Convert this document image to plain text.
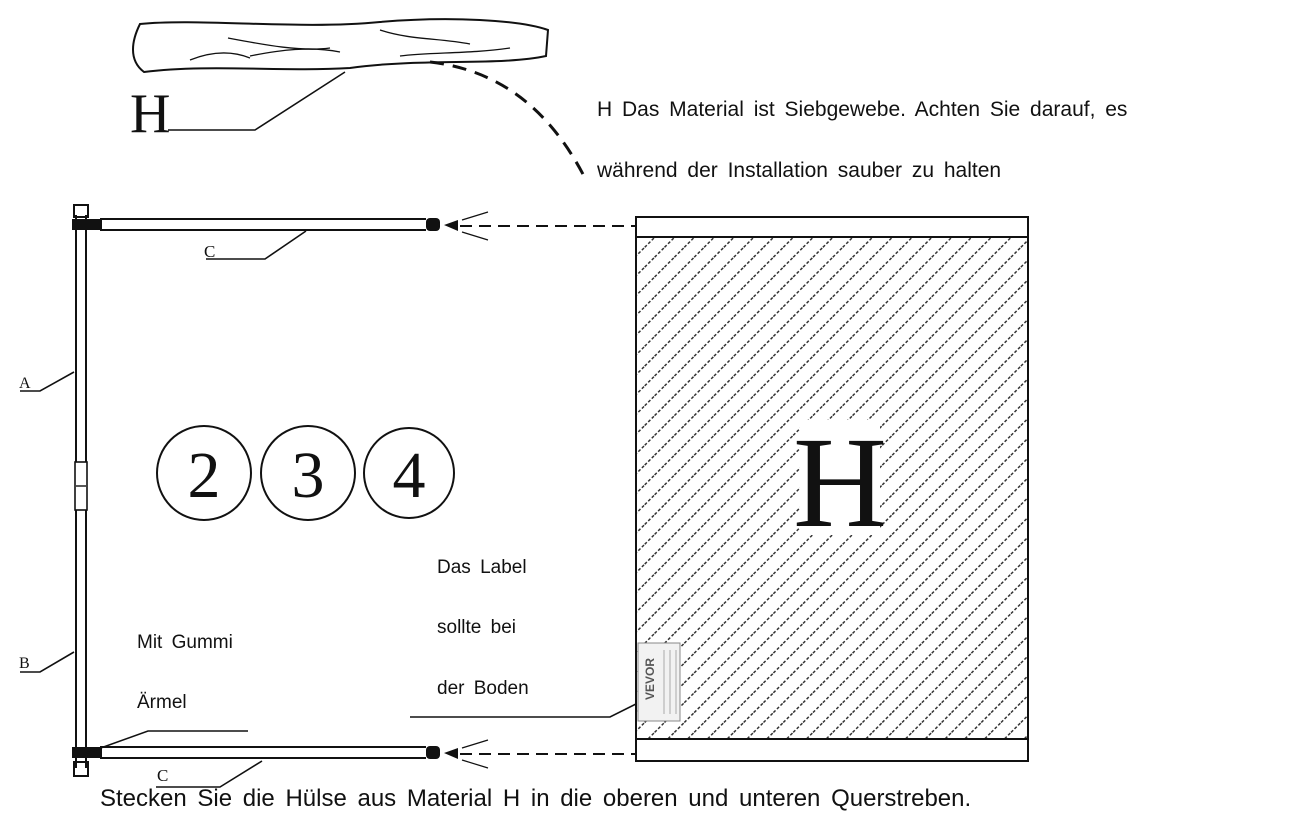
H
C
C
A
B
2 3 4	H
VEVOR
H Das Material ist Siebgewebe. Achten Sie darauf, es
während der Installation sauber zu halten
Das Label
sollte bei
der Boden
Mit Gummi
Ärmel
Stecken Sie die Hülse aus Material H in die oberen und unteren Querstreben.
